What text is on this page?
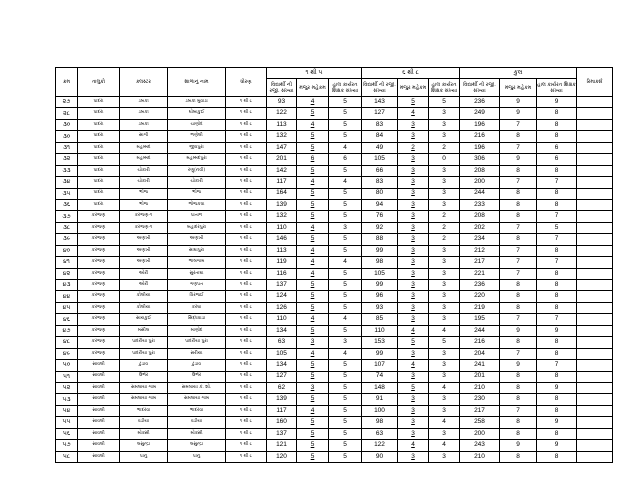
ક્રમ	તાલુકો	ક્લસ્ટર	શાળાનું નામ	ધોરણ	૧ થી ૫			૬ થી ૮			કુલ			રિમાર્ક્સ
					વિદ્યાર્થી ની રજી. સંખ્યા	મંજુર મહેકમ	હાલ કાર્યરત શિક્ષક સંખ્યા	વિદ્યાર્થી ની રજી. સંખ્યા	મંજુર મહેકમ	હાલ કાર્યરત શિક્ષક સંખ્યા	વિદ્યાર્થી ની રજી. સંખ્યા	મંજુર મહેકમ	હાલ કાર્યરત શિક્ષક સંખ્યા	
૨૭	પાદરા	ડબકા	ડબકા મુવાડા	૧ થી ૮	93	4	5	143	5	5	236	9	9	
૨૮	પાદરા	ડબકા	ઘોબાકુઈ	૧ થી ૮	122	5	5	127	4	3	249	9	8	
૩૦	પાદરા	ડબકા	ચાણોદ	૧ થી ૮	113	4	5	83	3	3	196	7	8	
૩૦	પાદરા	સાગી	ભણેલી	૧ થી ૮	132	5	5	84	3	3	216	8	8	
૩૧	પાદરા	મહમ્મદ	જીવપુરા	૧ થી ૮	147	5	4	49	2	2	196	7	6	
૩૨	પાદરા	મહમ્મદ	મહમ્મદપુરા	૧ થી ૮	201	6	6	105	3	0	306	9	6	
૩૩	પાદરા	ચોકારી	રણુ(નવી)	૧ થી ૮	142	5	5	66	3	3	208	8	8	
૩૪	પાદરા	ચોકારી	ચોકારી	૧ થી ૮	117	4	4	83	3	3	200	7	7	
૩૫	પાદરા	ભોજ	ભોજ	૧ થી ૮	164	5	5	80	3	3	244	8	8	
૩૬	પાદરા	ભોજ	ભોજકવા	૧ થી ૮	139	5	5	94	3	3	233	8	8	
૩૭	કરજણ	કરજણ-૧	પાતાળ	૧ થી ૮	132	5	5	76	3	2	208	8	7	
૩૮	કરજણ	કરજણ-૧	બહાદરપુરા	૧ થી ૮	110	4	3	92	3	2	202	7	5	
૩૯	કરજણ	અણખી	અણખી	૧ થી ૮	146	5	5	88	3	2	234	8	7	
૪૦	કરજણ	અણખી	સાઘાપુરા	૧ થી ૮	113	4	5	99	3	3	212	7	8	
૪૧	કરજણ	અણખી	ભાલગામ	૧ થી ૮	119	4	4	98	3	3	217	7	7	
૪૨	કરજણ	ઓરી	સુરતાઘા	૧ થી ૮	116	4	5	105	3	3	221	7	8	
૪૩	કરજણ	ઓરી	ગણપત	૧ થી ૮	137	5	5	99	3	3	236	8	8	
૪૪	કરજણ	કોલીયા	વિરજઈ	૧ થી ૮	124	5	5	96	3	3	220	8	8	
૪૫	કરજણ	કોલીયા	કરંઘા	૧ થી ૮	126	5	5	93	3	3	219	8	8	
૪૬	કરજણ	સાયકુઈ	સિદ્ધવાડા	૧ થી ૮	110	4	4	85	3	3	195	7	7	
૪૭	કરજણ	મસીલ	માણોદ	૧ થી ૮	134	5	5	110	4	4	244	9	9	
૪૮	કરજણ	પાદરીયા પુરા	પાદરીયા પુરા	૧ થી ૮	63	3	3	153	5	5	216	8	8	
૪૯	કરજણ	પાદરીયા પુરા	સરીયા	૧ થી ૮	105	4	4	99	3	3	204	7	8	
૫૦	સાવલી	ટુંડાવ	ટુંડાવ	૧ થી ૮	134	5	5	107	4	3	241	9	7	
૫૧	સાવલી	ઉભેર	ઉભેર	૧ થી ૮	127	5	5	74	3	3	201	8	8	
૫૨	સાવલી	સમલાયા ગામ	સમલાયા કં. શો.	૧ થી ૮	62	3	5	148	5	4	210	8	9	
૫૩	સાવલી	સમલાયા ગામ	સમલાયા ગામ	૧ થી ૮	139	5	5	91	3	3	230	8	8	
૫૪	સાવલી	ભાદરવા	ભાદરવા	૧ થી ૮	117	4	5	100	3	3	217	7	8	
૫૫	સાવલી	વડીયા	વડીયા	૧ થી ૮	160	5	5	98	3	4	258	8	9	
૫૬	સાવલી	મોક્સી	મોક્સી	૧ થી ૮	137	5	5	63	3	3	200	8	8	
૫૭	સાવલી	લસુન્દ્રા	લસુન્દ્રા	૧ થી ૮	121	5	5	122	4	4	243	9	9	
૫૮	સાવલી	પાનુ	પાનુ	૧ થી ૮	120	5	5	90	3	3	210	8	8	
